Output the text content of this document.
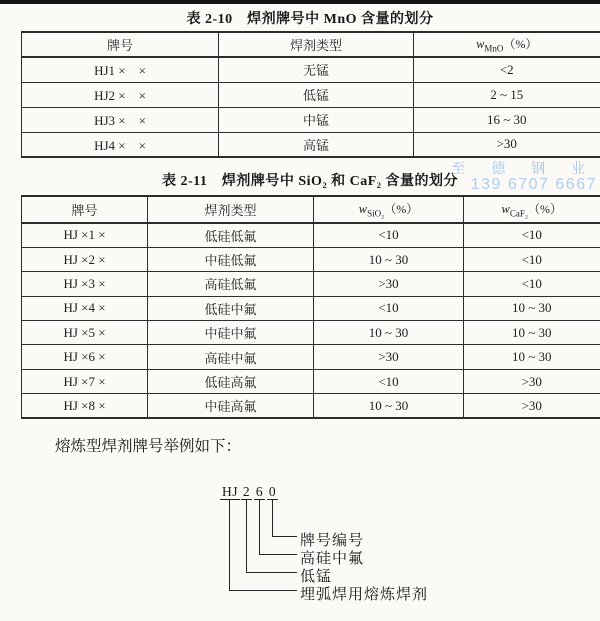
表 2-10　焊剂牌号中 MnO 含量的划分
牌号	焊剂类型	$w_{MnO}(\%)$
HJ1 ×　×	无锰	<2
HJ2 ×　×	低锰	2 ~ 15
HJ3 ×　×	中锰	16 ~ 30
HJ4 ×　×	高锰	>30
表 2-11　焊剂牌号中 SiO₂ 和 CaF₂ 含量的划分
牌号	焊剂类型	$w_{SiO_2}(\%)$	$w_{CaF_2}(\%)$
HJ ×1 ×	低硅低氟	<10	<10
HJ ×2 ×	中硅低氟	10 ~ 30	<10
HJ ×3 ×	高硅低氟	>30	<10
HJ ×4 ×	低硅中氟	<10	10 ~ 30
HJ ×5 ×	中硅中氟	10 ~ 30	10 ~ 30
HJ ×6 ×	高硅中氟	>30	10 ~ 30
HJ ×7 ×	低硅高氟	<10	>30
HJ ×8 ×	中硅高氟	10 ~ 30	>30
至 德 钢 业
139 6707 6667
熔炼型焊剂牌号举例如下：
HJ 2 6 0
牌号编号
高硅中氟
低锰
埋弧焊用熔炼焊剂
